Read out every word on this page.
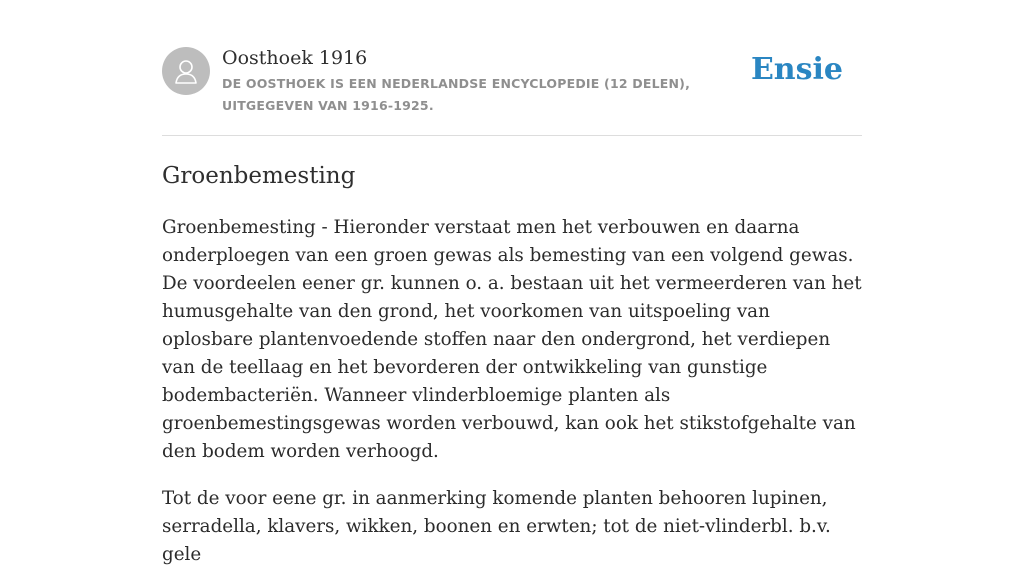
Oosthoek 1916
DE OOSTHOEK IS EEN NEDERLANDSE ENCYCLOPEDIE (12 DELEN), UITGEGEVEN VAN 1916-1925.
Ensie
Groenbemesting

Groenbemesting - Hieronder verstaat men het verbouwen en daarna onderploegen van een groen gewas als bemesting van een volgend gewas. De voordeelen eener gr. kunnen o. a. bestaan uit het vermeerderen van het humusgehalte van den grond, het voorkomen van uitspoeling van oplosbare plantenvoedende stoffen naar den ondergrond, het verdiepen van de teellaag en het bevorderen der ontwikkeling van gunstige bodembacteriën. Wanneer vlinderbloemige planten als groenbemestingsgewas worden verbouwd, kan ook het stikstofgehalte van den bodem worden verhoogd.

Tot de voor eene gr. in aanmerking komende planten behooren lupinen, serradella, klavers, wikken, boonen en erwten; tot de niet-vlinderbl. b.v. gele
